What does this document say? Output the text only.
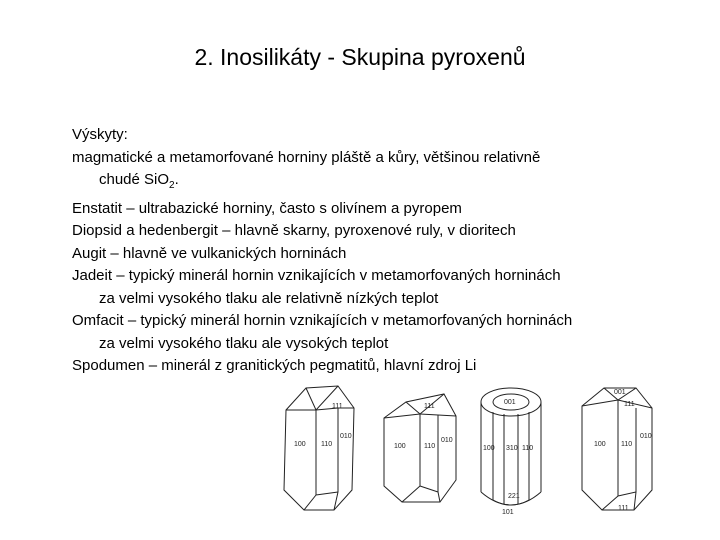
2. Inosilikáty - Skupina pyroxenů
Výskyty:
magmatické a metamorfované horniny pláště a kůry, většinou relativně
chudé SiO$_2$.
Enstatit – ultrabazické horniny, často s olivínem a pyropem
Diopsid a hedenbergit – hlavně skarny, pyroxenové ruly, v dioritech
Augit – hlavně ve vulkanických horninách
Jadeit – typický minerál hornin vznikajících v metamorfovaných horninách
za velmi vysokého tlaku ale relativně nízkých teplot
Omfacit – typický minerál hornin vznikajících v metamorfovaných horninách
za velmi vysokého tlaku ale vysokých teplot
Spodumen – minerál z granitických pegmatitů, hlavní zdroj Li
111
100 110
010
111
100	110
010
001
100 310 110
221
101
001
111
100
010
110
111
